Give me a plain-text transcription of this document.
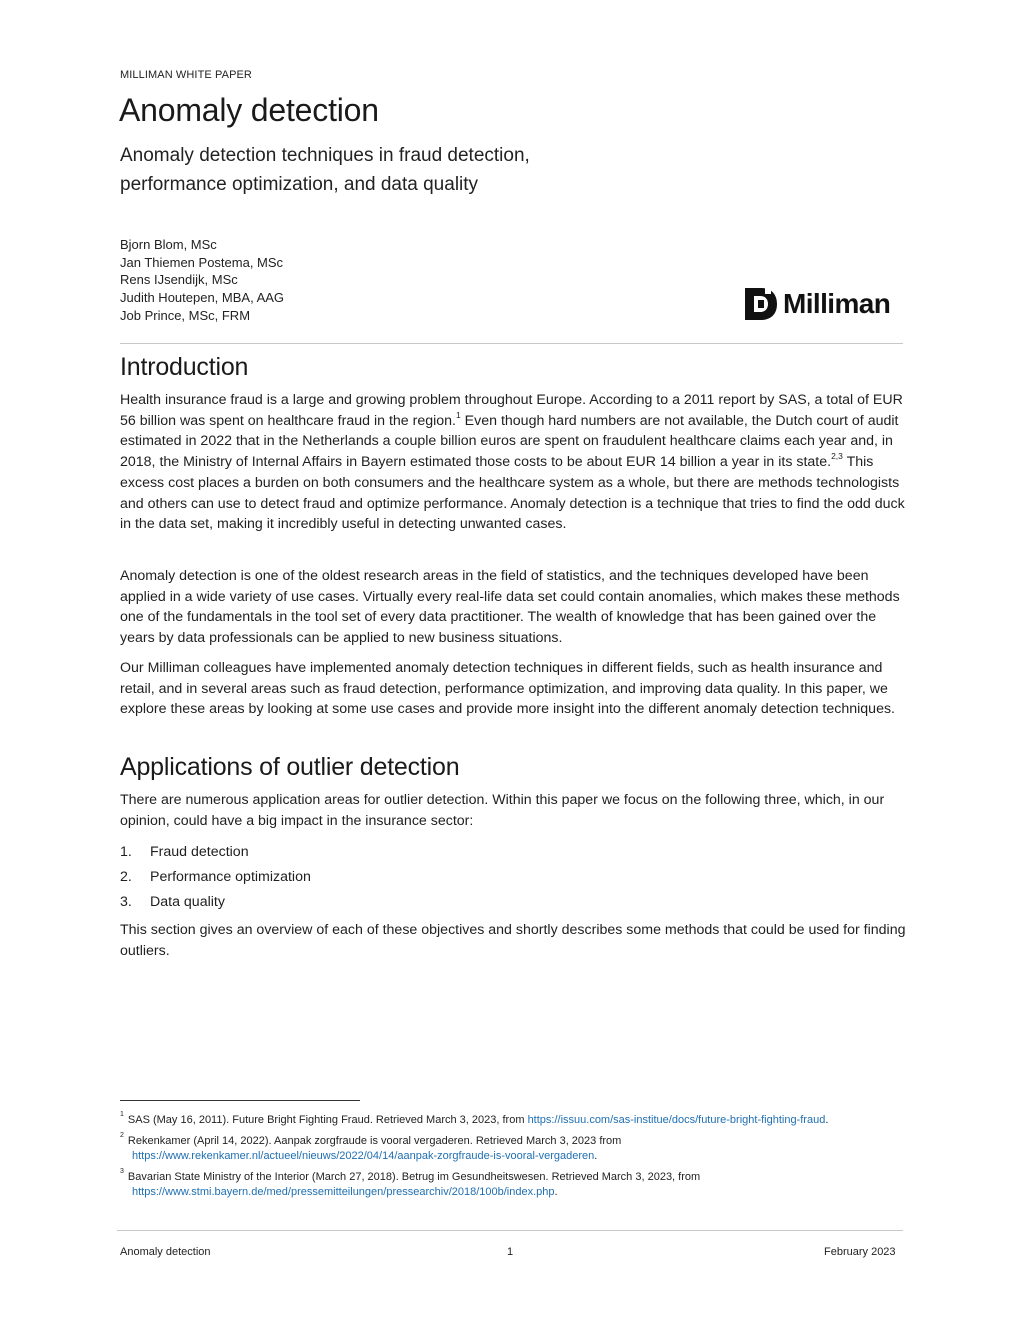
MILLIMAN WHITE PAPER
Anomaly detection
Anomaly detection techniques in fraud detection,
performance optimization, and data quality
Bjorn Blom, MSc
Jan Thiemen Postema, MSc
Rens IJsendijk, MSc
Judith Houtepen, MBA, AAG
Job Prince, MSc, FRM	Milliman
Introduction

Health insurance fraud is a large and growing problem throughout Europe. According to a 2011 report by SAS, a total of EUR 56 billion was spent on healthcare fraud in the region.$^1$ Even though hard numbers are not available, the Dutch court of audit estimated in 2022 that in the Netherlands a couple billion euros are spent on fraudulent healthcare claims each year and, in 2018, the Ministry of Internal Affairs in Bayern estimated those costs to be about EUR 14 billion a year in its state.$^{2,3}$ This excess cost places a burden on both consumers and the healthcare system as a whole, but there are methods technologists and others can use to detect fraud and optimize performance. Anomaly detection is a technique that tries to find the odd duck in the data set, making it incredibly useful in detecting unwanted cases.

Anomaly detection is one of the oldest research areas in the field of statistics, and the techniques developed have been applied in a wide variety of use cases. Virtually every real-life data set could contain anomalies, which makes these methods one of the fundamentals in the tool set of every data practitioner. The wealth of knowledge that has been gained over the years by data professionals can be applied to new business situations.

Our Milliman colleagues have implemented anomaly detection techniques in different fields, such as health insurance and retail, and in several areas such as fraud detection, performance optimization, and improving data quality. In this paper, we explore these areas by looking at some use cases and provide more insight into the different anomaly detection techniques.

Applications of outlier detection

There are numerous application areas for outlier detection. Within this paper we focus on the following three, which, in our opinion, could have a big impact in the insurance sector:

1.	Fraud detection
2.	Performance optimization
3.	Data quality

This section gives an overview of each of these objectives and shortly describes some methods that could be used for finding outliers.

$^1$ SAS (May 16, 2011). Future Bright Fighting Fraud. Retrieved March 3, 2023, from https://issuu.com/sas-institue/docs/future-bright-fighting-fraud.
$^2$ Rekenkamer (April 14, 2022). Aanpak zorgfraude is vooral vergaderen. Retrieved March 3, 2023 from
https://www.rekenkamer.nl/actueel/nieuws/2022/04/14/aanpak-zorgfraude-is-vooral-vergaderen.
$^3$ Bavarian State Ministry of the Interior (March 27, 2018). Betrug im Gesundheitswesen. Retrieved March 3, 2023, from
https://www.stmi.bayern.de/med/pressemitteilungen/pressearchiv/2018/100b/index.php.
Anomaly detection	1	February 2023
